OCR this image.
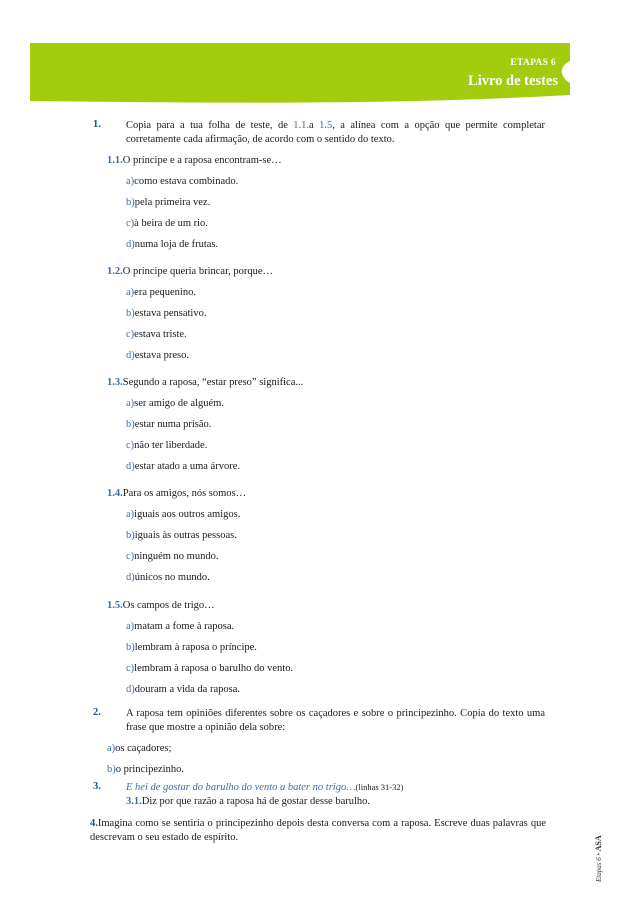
ETAPAS 6
Livro de testes
1. Copia para a tua folha de teste, de 1.1.a 1.5, a alínea com a opção que permite completar corretamente cada afirmação, de acordo com o sentido do texto.
1.1.O príncipe e a raposa encontram-se…
a)como estava combinado.
b)pela primeira vez.
c)à beira de um rio.
d)numa loja de frutas.
1.2.O príncipe queria brincar, porque…
a)era pequenino.
b)estava pensativo.
c)estava triste.
d)estava preso.
1.3.Segundo a raposa, “estar preso” significa...
a)ser amigo de alguém.
b)estar numa prisão.
c)não ter liberdade.
d)estar atado a uma árvore.
1.4.Para os amigos, nós somos…
a)iguais aos outros amigos.
b)iguais às outras pessoas.
c)ninguém no mundo.
d)únicos no mundo.
1.5.Os campos de trigo…
a)matam a fome à raposa.
b)lembram à raposa o príncipe.
c)lembram à raposa o barulho do vento.
d)douram a vida da raposa.
2. A raposa tem opiniões diferentes sobre os caçadores e sobre o principezinho. Copia do texto uma frase que mostre a opinião dela sobre:
a)os caçadores;
b)o principezinho.
3. E hei de gostar do barulho do vento a bater no trigo…(linhas 31-32)
3.1.Diz por que razão a raposa há de gostar desse barulho.
4.Imagina como se sentiria o principezinho depois desta conversa com a raposa. Escreve duas palavras que descrevam o seu estado de espírito.
Etapas 6 • ASA
